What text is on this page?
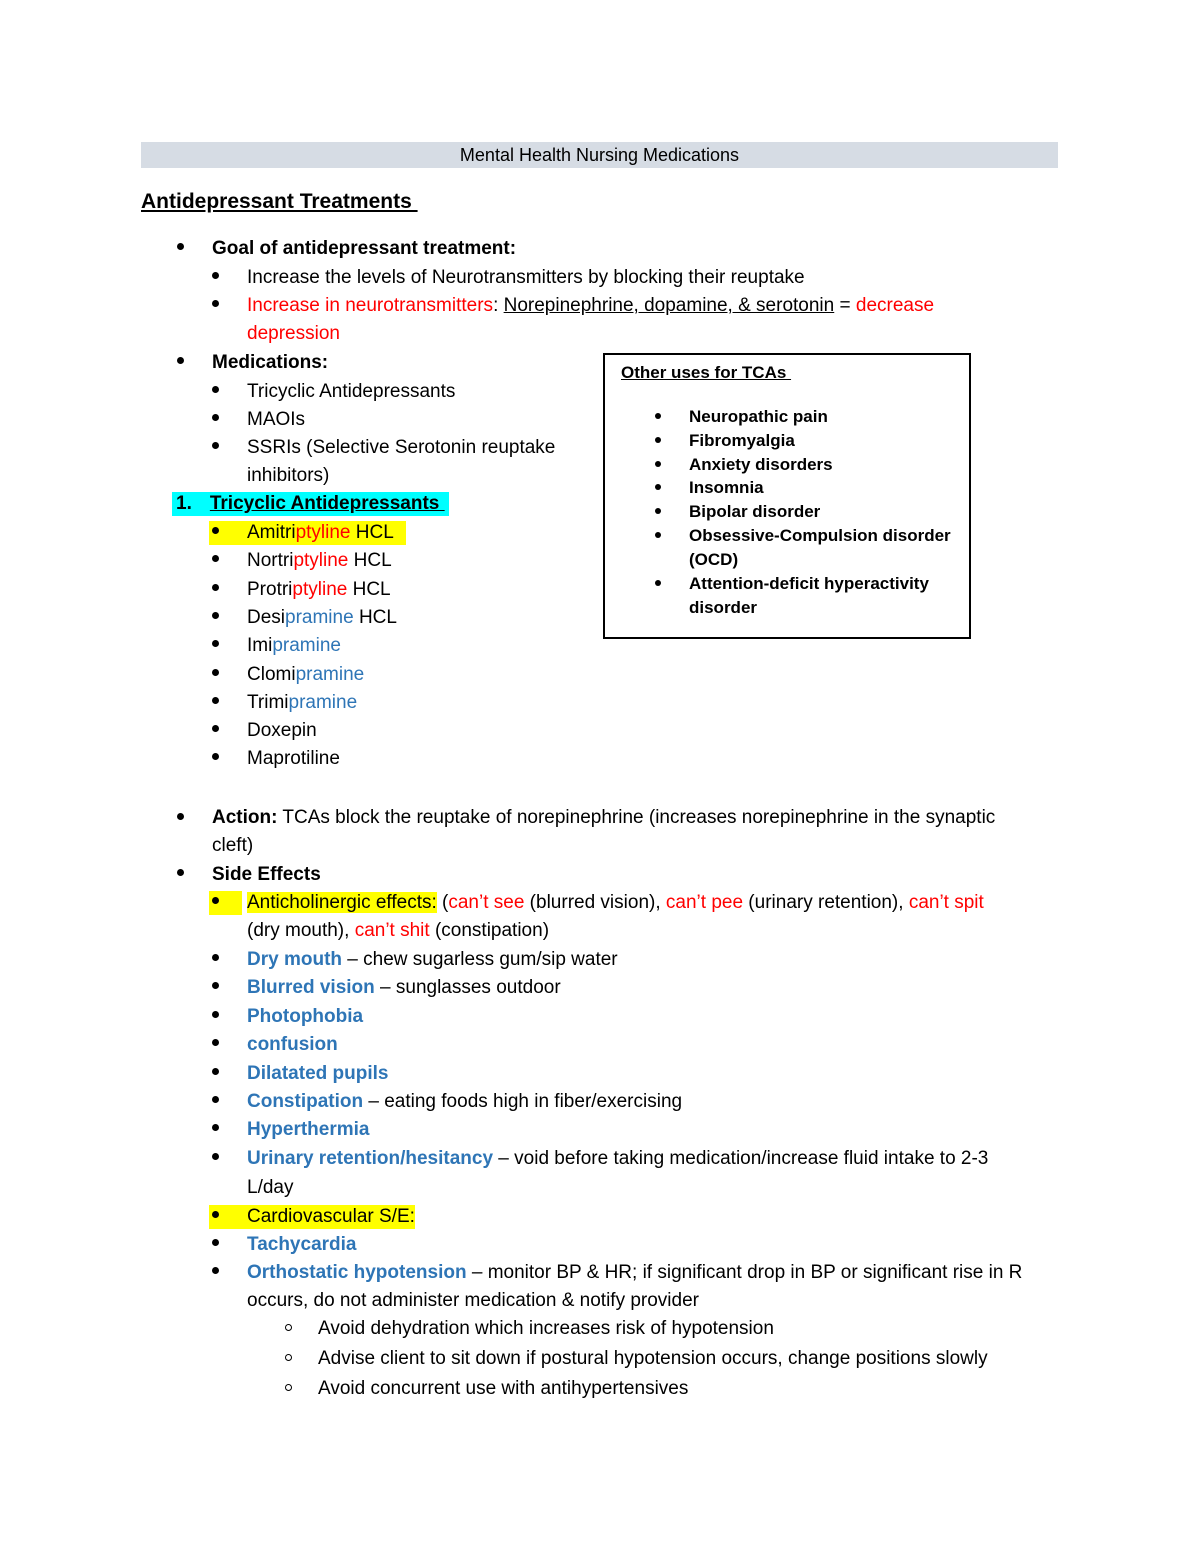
Mental Health Nursing Medications
Antidepressant Treatments
Goal of antidepressant treatment:
Increase the levels of Neurotransmitters by blocking their reuptake
Increase in neurotransmitters: Norepinephrine, dopamine, & serotonin = decrease
depression
Medications:
Tricyclic Antidepressants
MAOIs
SSRIs (Selective Serotonin reuptake
inhibitors)
1. Tricyclic Antidepressants
Amitriptyline HCL
Nortriptyline HCL
Protriptyline HCL
Desipramine HCL
Imipramine
Clomipramine
Trimipramine
Doxepin
Maprotiline
Other uses for TCAs
Neuropathic pain
Fibromyalgia
Anxiety disorders
Insomnia
Bipolar disorder
Obsessive-Compulsion disorder
(OCD)
Attention-deficit hyperactivity
disorder
Action: TCAs block the reuptake of norepinephrine (increases norepinephrine in the synaptic
cleft)
Side Effects
Anticholinergic effects: (can’t see (blurred vision), can’t pee (urinary retention), can’t spit
(dry mouth), can’t shit (constipation)
Dry mouth – chew sugarless gum/sip water
Blurred vision – sunglasses outdoor
Photophobia
confusion
Dilatated pupils
Constipation – eating foods high in fiber/exercising
Hyperthermia
Urinary retention/hesitancy – void before taking medication/increase fluid intake to 2-3
L/day
Cardiovascular S/E:
Tachycardia
Orthostatic hypotension – monitor BP & HR; if significant drop in BP or significant rise in R
occurs, do not administer medication & notify provider
Avoid dehydration which increases risk of hypotension
Advise client to sit down if postural hypotension occurs, change positions slowly
Avoid concurrent use with antihypertensives
